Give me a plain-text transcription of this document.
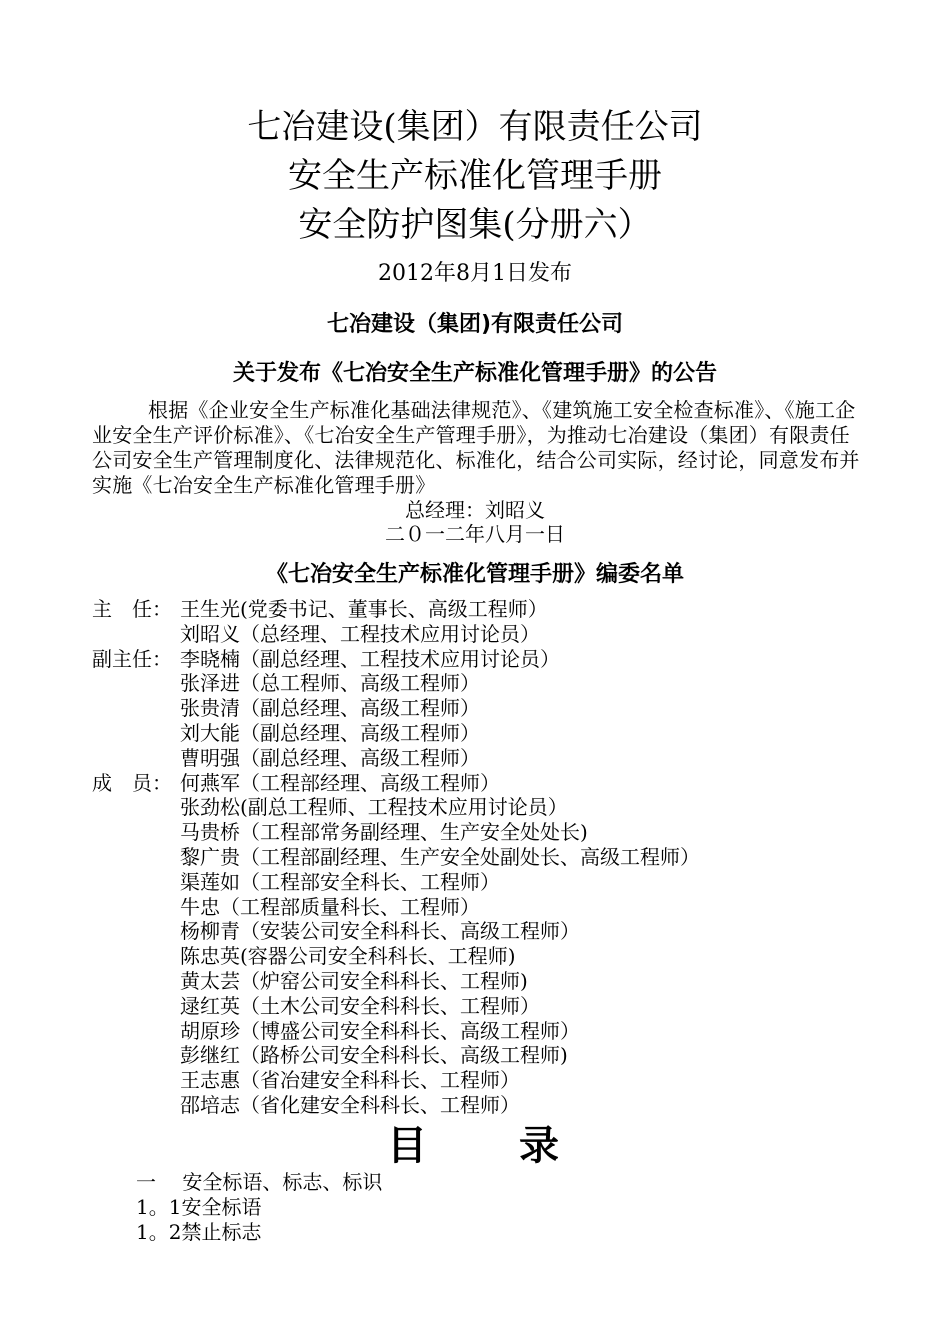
七冶建设(集团）有限责任公司
安全生产标准化管理手册
安全防护图集(分册六）
2012年8月1日发布
七冶建设（集团)有限责任公司
关于发布《七冶安全生产标准化管理手册》的公告
根据《企业安全生产标准化基础法律规范》、《建筑施工安全检查标准》、《施工企业安全生产评价标准》、《七冶安全生产管理手册》，为推动七冶建设（集团）有限责任公司安全生产管理制度化、法律规范化、标准化，结合公司实际，经讨论，同意发布并实施《七冶安全生产标准化管理手册》
总经理：刘昭义
二０一二年八月一日
《七冶安全生产标准化管理手册》编委名单
主　任： 王生光(党委书记、董事长、高级工程师）
刘昭义（总经理、工程技术应用讨论员）
副主任： 李晓楠（副总经理、工程技术应用讨论员）
张泽进（总工程师、高级工程师）
张贵清（副总经理、高级工程师）
刘大能（副总经理、高级工程师）
曹明强（副总经理、高级工程师）
成　员： 何燕军（工程部经理、高级工程师）
张劲松(副总工程师、工程技术应用讨论员）
马贵桥（工程部常务副经理、生产安全处处长)
黎广贵（工程部副经理、生产安全处副处长、高级工程师）
渠莲如（工程部安全科长、工程师）
牛忠（工程部质量科长、工程师）
杨柳青（安装公司安全科科长、高级工程师）
陈忠英(容器公司安全科科长、工程师)
黄太芸（炉窑公司安全科科长、工程师)
逯红英（土木公司安全科科长、工程师）
胡原珍（博盛公司安全科科长、高级工程师）
彭继红（路桥公司安全科科长、高级工程师)
王志惠（省冶建安全科科长、工程师）
邵培志（省化建安全科科长、工程师）
目　　录
一　 安全标语、标志、标识
1。1安全标语
1。2禁止标志
